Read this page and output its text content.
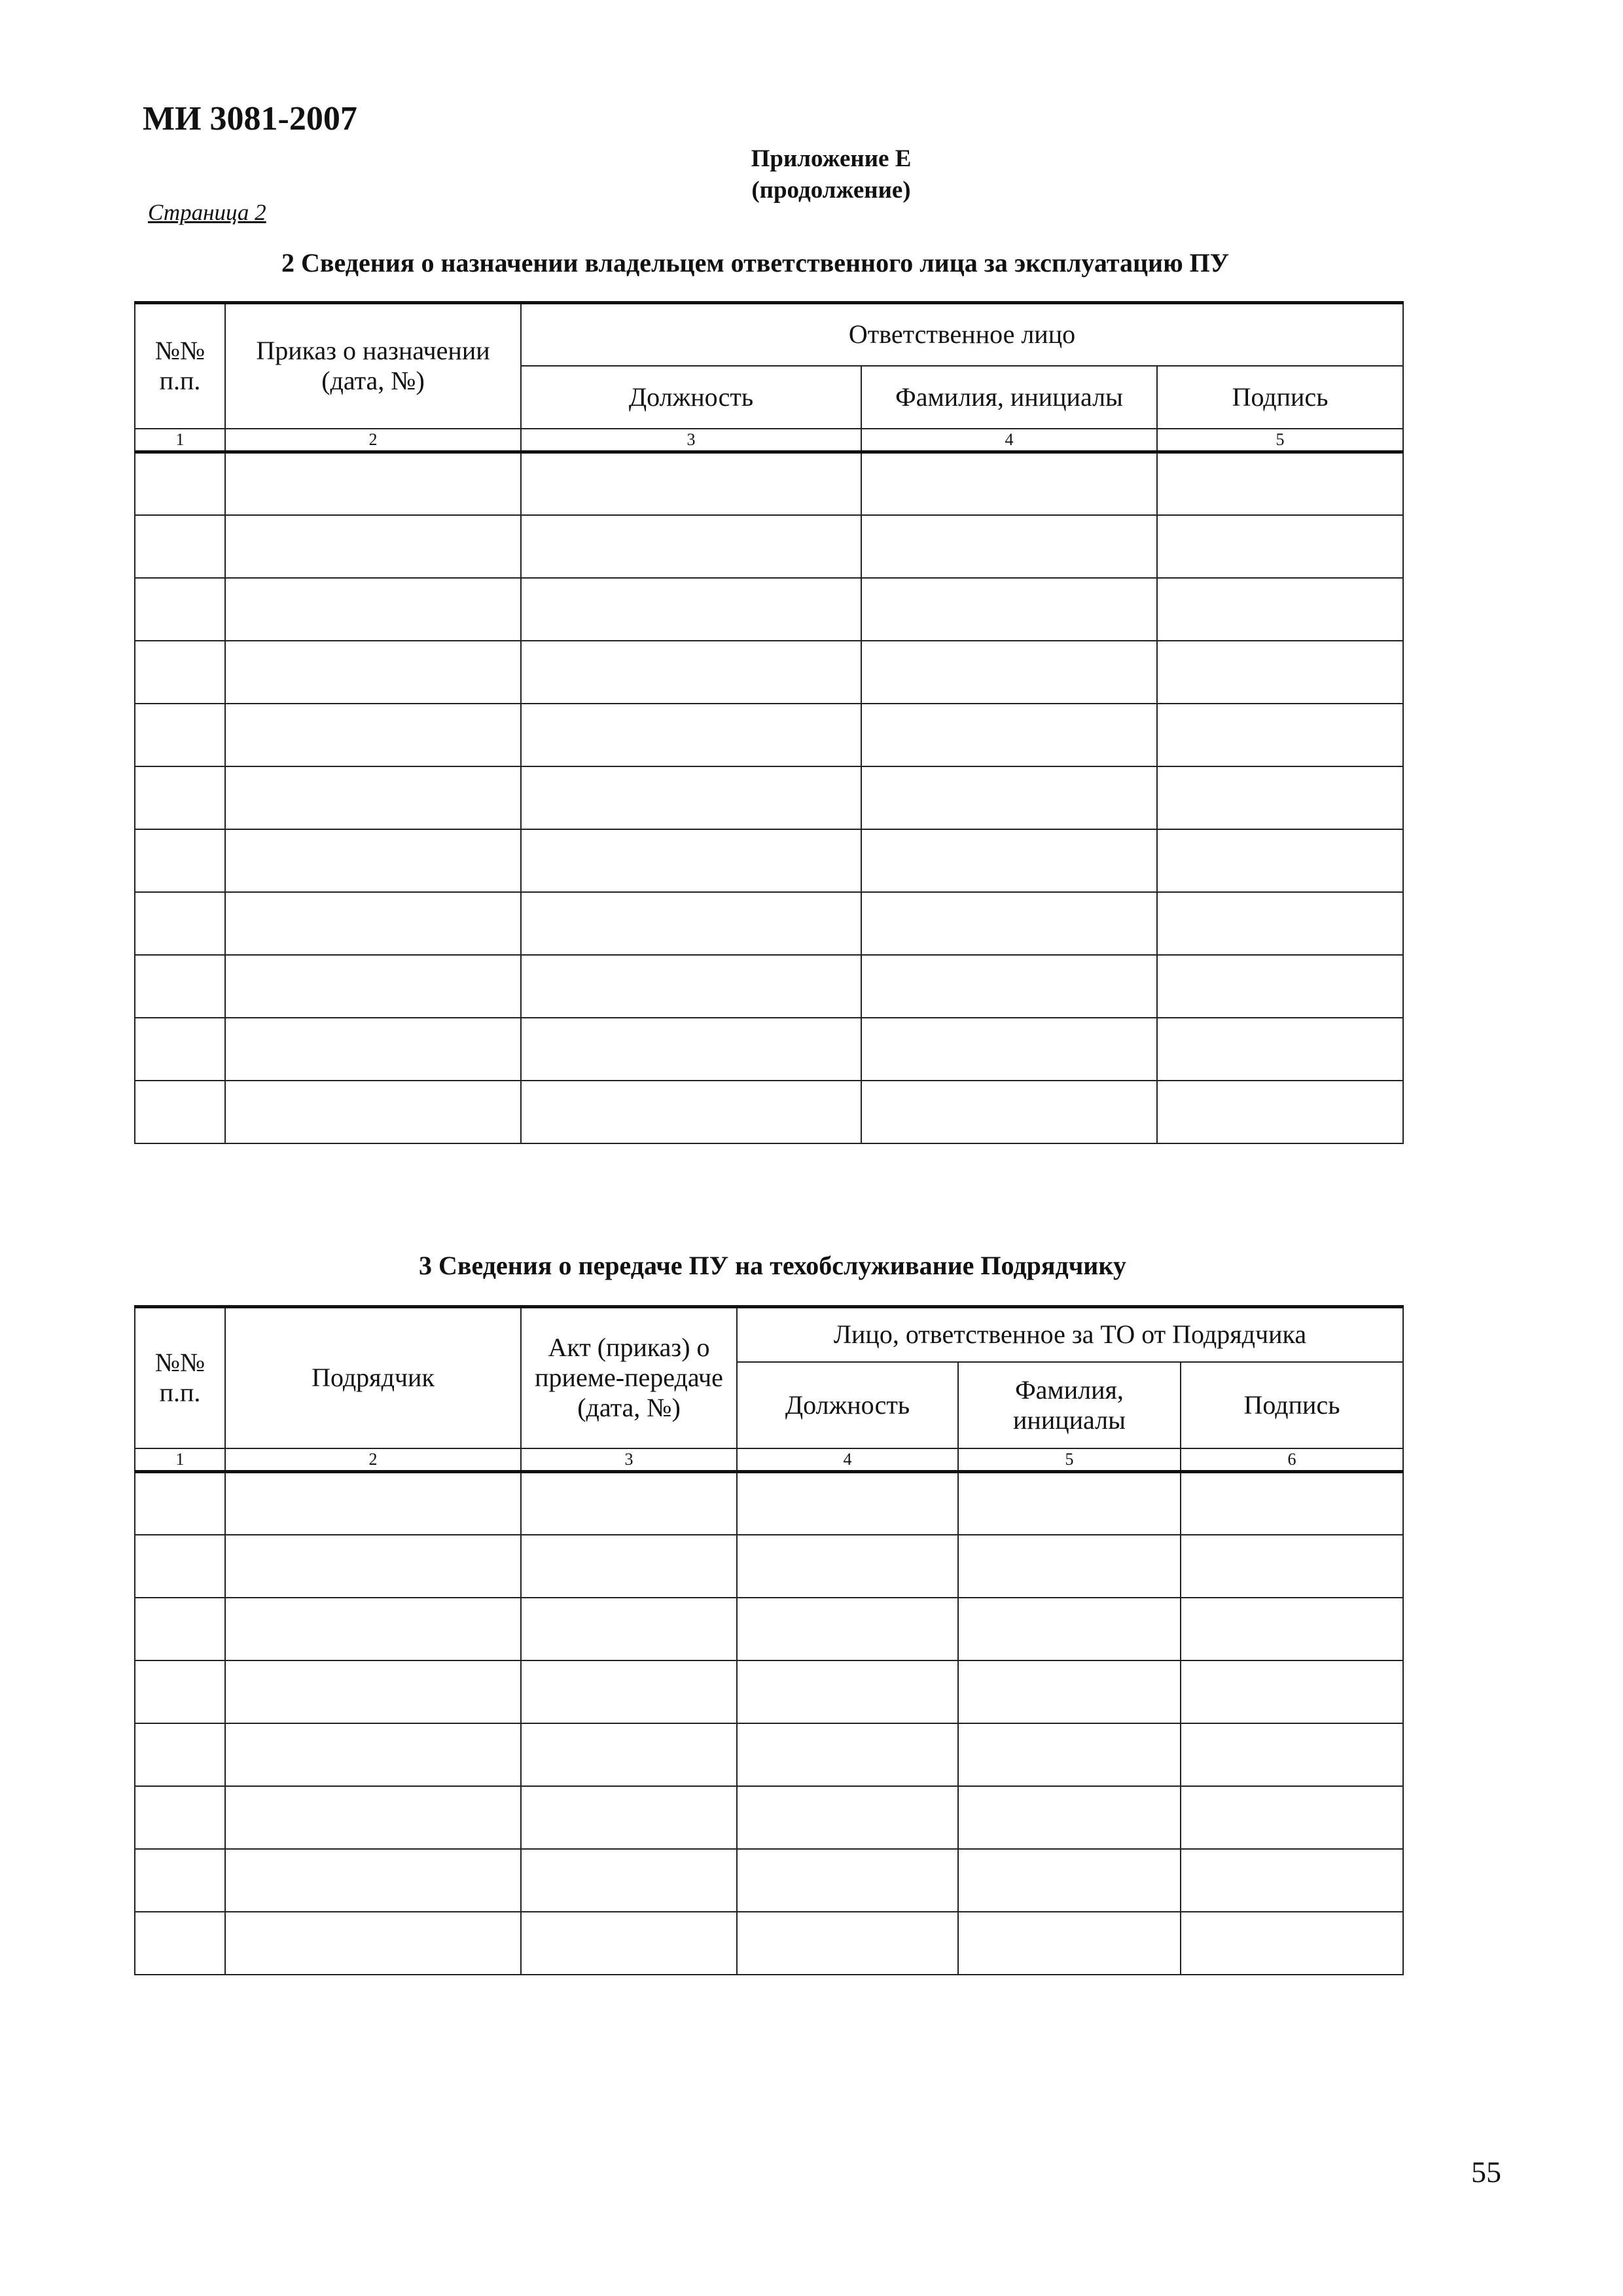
МИ 3081-2007
Приложение Е
(продолжение)
Страница 2
2 Сведения о назначении владельцем ответственного лица за эксплуатацию ПУ
№№ п.п.	Приказ о назначении (дата, №)	Ответственное лицо		
		Должность	Фамилия, инициалы	Подпись
1	2	3	4	5

3 Сведения о передаче ПУ на техобслуживание Подрядчику
№№ п.п.	Подрядчик	Акт (приказ) о приеме-передаче (дата, №)	Лицо, ответственное за ТО от Подрядчика		
			Должность	Фамилия, инициалы	Подпись
1	2	3	4	5	6

55
